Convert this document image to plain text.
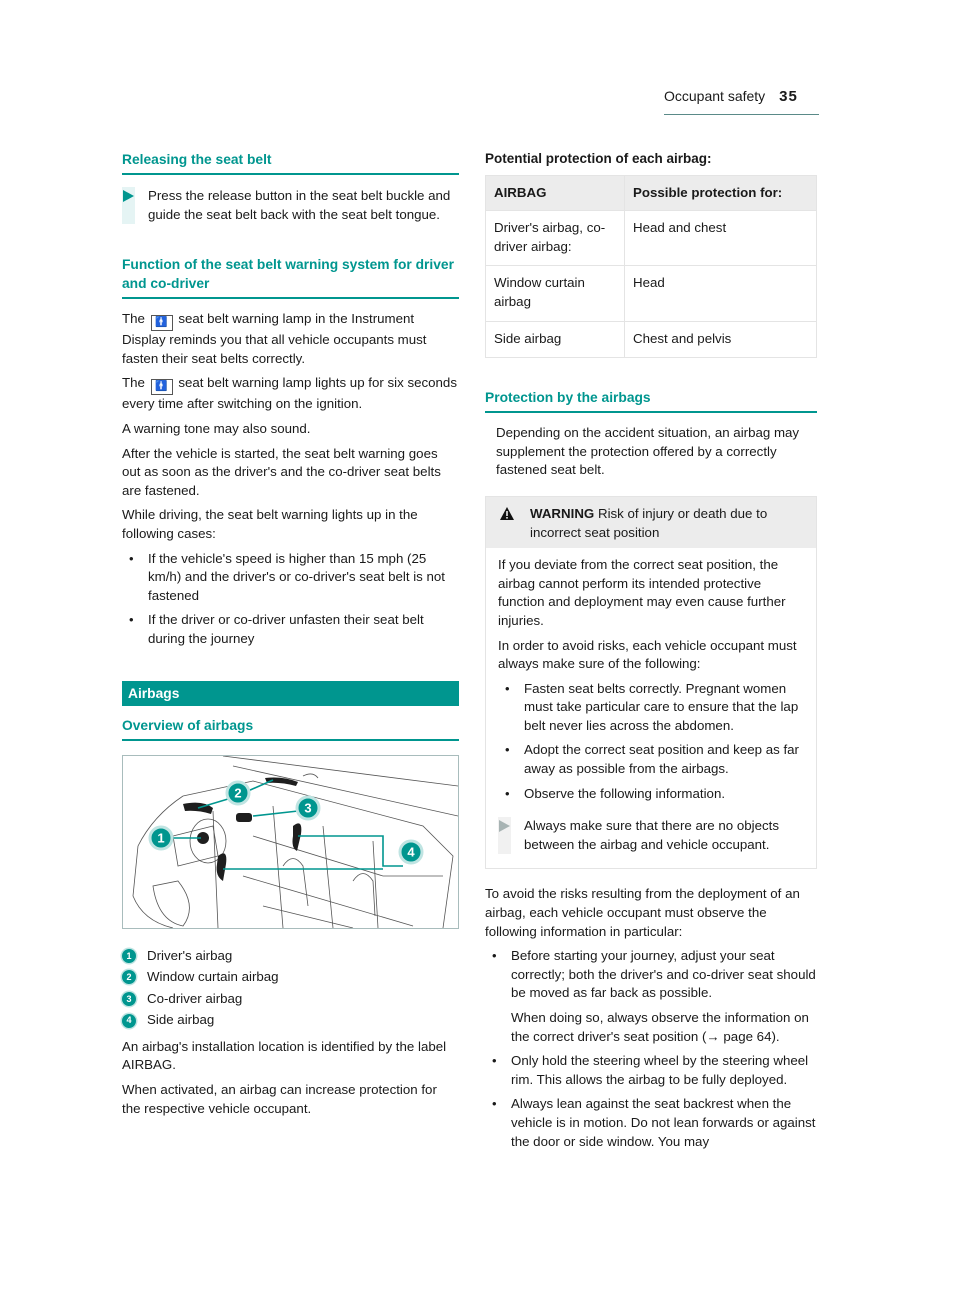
Occupant safety 35
Releasing the seat belt
Press the release button in the seat belt buckle and guide the seat belt back with the seat belt tongue.
Function of the seat belt warning system for driver and co-driver

The 🚹 seat belt warning lamp in the Instrument Display reminds you that all vehicle occupants must fasten their seat belts correctly.

The 🚹 seat belt warning lamp lights up for six seconds every time after switching on the ignition.

A warning tone may also sound.

After the vehicle is started, the seat belt warning goes out as soon as the driver's and the co-driver seat belts are fastened.

While driving, the seat belt warning lights up in the following cases:

• If the vehicle's speed is higher than 15 mph (25 km/h) and the driver's or co-driver's seat belt is not fastened
• If the driver or co-driver unfasten their seat belt during the journey
Airbags
Overview of airbags
1
2
3
4
1	Driver's airbag
2	Window curtain airbag
3	Co-driver airbag
4	Side airbag

An airbag's installation location is identified by the label AIRBAG.

When activated, an airbag can increase protection for the respective vehicle occupant.

Potential protection of each airbag:
AIRBAG	Possible protection for:
Driver's airbag, co-driver airbag:	Head and chest
Window curtain airbag	Head
Side airbag	Chest and pelvis
Protection by the airbags

Depending on the accident situation, an airbag may supplement the protection offered by a correctly fastened seat belt.

WARNING Risk of injury or death due to incorrect seat position

If you deviate from the correct seat position, the airbag cannot perform its intended protective function and deployment may even cause further injuries.

In order to avoid risks, each vehicle occupant must always make sure of the following:

• Fasten seat belts correctly. Pregnant women must take particular care to ensure that the lap belt never lies across the abdomen.
• Adopt the correct seat position and keep as far away as possible from the airbags.
• Observe the following information.
Always make sure that there are no objects between the airbag and vehicle occupant.

To avoid the risks resulting from the deployment of an airbag, each vehicle occupant must observe the following information in particular:

• Before starting your journey, adjust your seat correctly; both the driver's and co-driver seat should be moved as far back as possible.
When doing so, always observe the information on the correct driver's seat position (→ page 64).
• Only hold the steering wheel by the steering wheel rim. This allows the airbag to be fully deployed.
• Always lean against the seat backrest when the vehicle is in motion. Do not lean forwards or against the door or side window. You may
